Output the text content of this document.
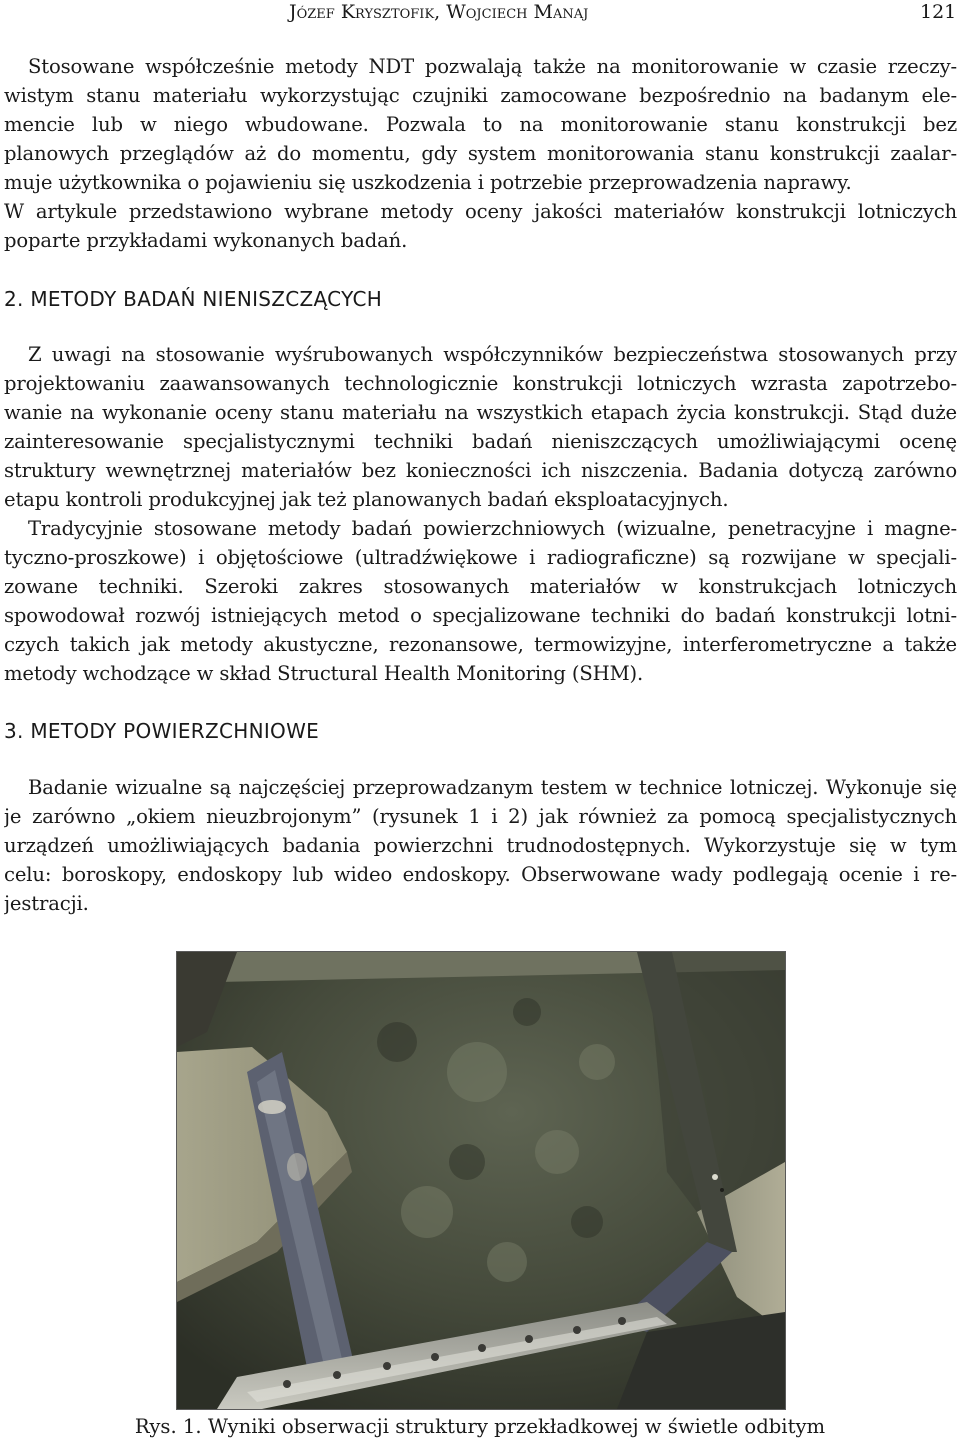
Józef Krysztofik, Wojciech Manaj	121
Stosowane współcześnie metody NDT pozwalają także na monitorowanie w czasie rzeczy-
wistym stanu materiału wykorzystując czujniki zamocowane bezpośrednio na badanym ele-
mencie lub w niego wbudowane. Pozwala to na monitorowanie stanu konstrukcji bez
planowych przeglądów aż do momentu, gdy system monitorowania stanu konstrukcji zaalar-
muje użytkownika o pojawieniu się uszkodzenia i potrzebie przeprowadzenia naprawy.
W artykule przedstawiono wybrane metody oceny jakości materiałów konstrukcji lotniczych
poparte przykładami wykonanych badań.
2. METODY BADAŃ NIENISZCZĄCYCH
Z uwagi na stosowanie wyśrubowanych współczynników bezpieczeństwa stosowanych przy
projektowaniu zaawansowanych technologicznie konstrukcji lotniczych wzrasta zapotrzebo-
wanie na wykonanie oceny stanu materiału na wszystkich etapach życia konstrukcji. Stąd duże
zainteresowanie specjalistycznymi techniki badań nieniszczących umożliwiającymi ocenę
struktury wewnętrznej materiałów bez konieczności ich niszczenia. Badania dotyczą zarówno
etapu kontroli produkcyjnej jak też planowanych badań eksploatacyjnych.
Tradycyjnie stosowane metody badań powierzchniowych (wizualne, penetracyjne i magne-
tyczno-proszkowe) i objętościowe (ultradźwiękowe i radiograficzne) są rozwijane w specjali-
zowane techniki. Szeroki zakres stosowanych materiałów w konstrukcjach lotniczych
spowodował rozwój istniejących metod o specjalizowane techniki do badań konstrukcji lotni-
czych takich jak metody akustyczne, rezonansowe, termowizyjne, interferometryczne a także
metody wchodzące w skład Structural Health Monitoring (SHM).
3. METODY POWIERZCHNIOWE
Badanie wizualne są najczęściej przeprowadzanym testem w technice lotniczej. Wykonuje się
je zarówno „okiem nieuzbrojonym” (rysunek 1 i 2) jak również za pomocą specjalistycznych
urządzeń umożliwiających badania powierzchni trudnodostępnych. Wykorzystuje się w tym
celu: boroskopy, endoskopy lub wideo endoskopy. Obserwowane wady podlegają ocenie i re-
jestracji.
Rys. 1. Wyniki obserwacji struktury przekładkowej w świetle odbitym
